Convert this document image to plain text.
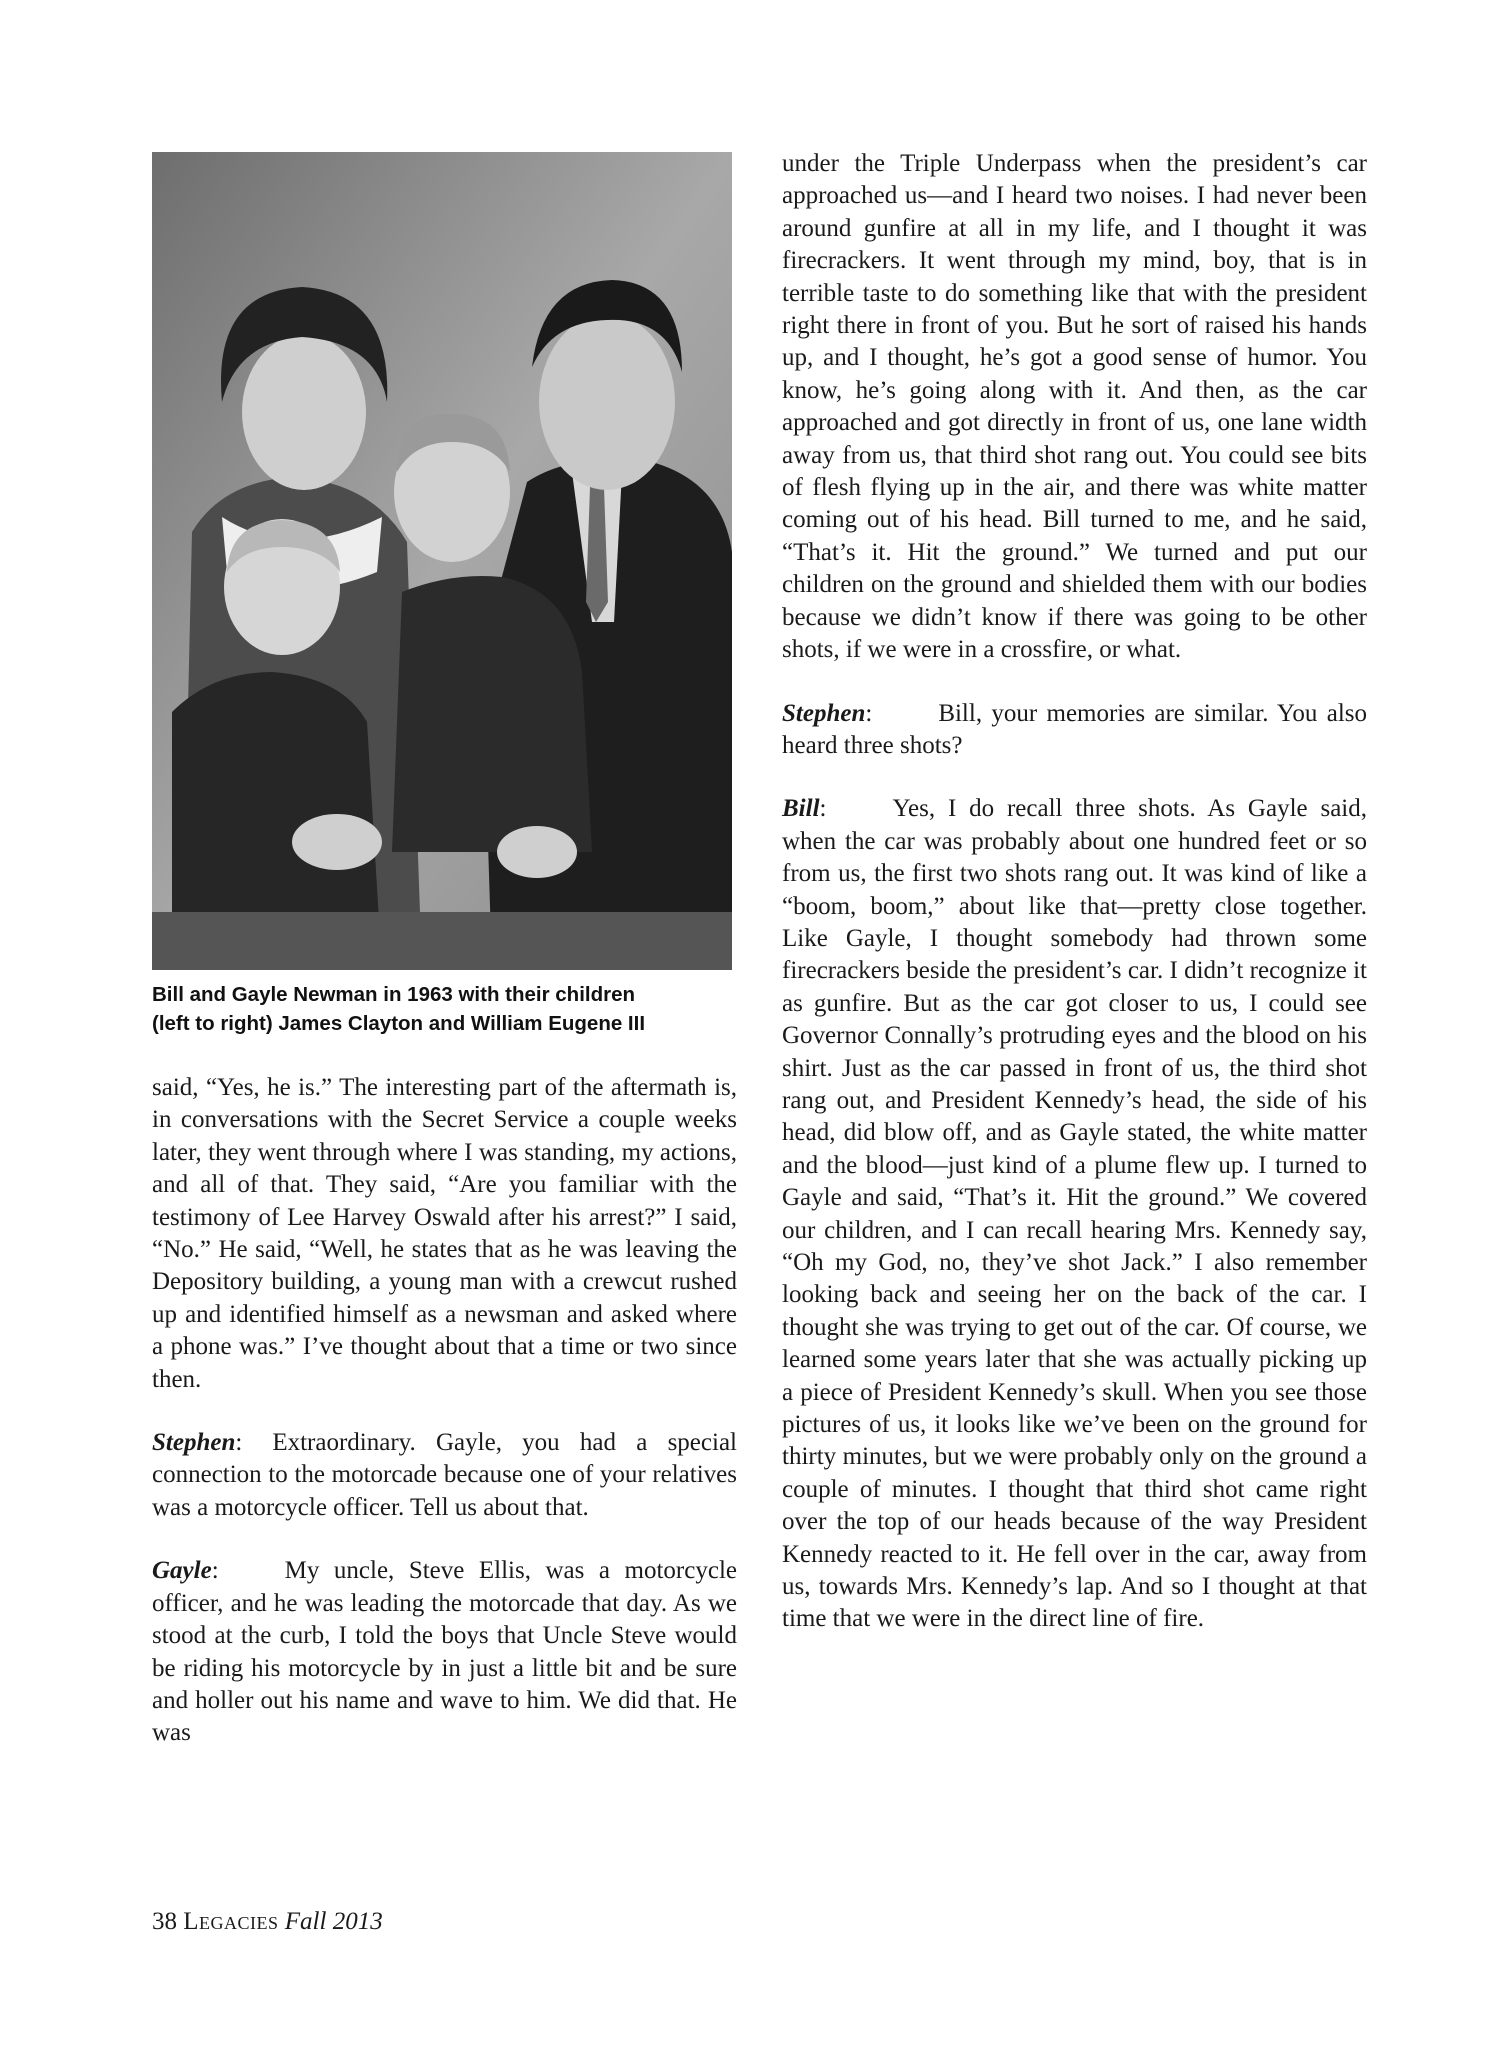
Bill and Gayle Newman in 1963 with their children
(left to right) James Clayton and William Eugene III

said, “Yes, he is.” The interesting part of the aftermath is, in conversations with the Secret Service a couple weeks later, they went through where I was standing, my actions, and all of that. They said, “Are you familiar with the testimony of Lee Harvey Oswald after his arrest?” I said, “No.” He said, “Well, he states that as he was leaving the Depository building, a young man with a crewcut rushed up and identified himself as a newsman and asked where a phone was.” I’ve thought about that a time or two since then.

Stephen: Extraordinary. Gayle, you had a special connection to the motorcade because one of your relatives was a motorcycle officer. Tell us about that.

Gayle:	My uncle, Steve Ellis, was a motorcycle officer, and he was leading the motorcade that day. As we stood at the curb, I told the boys that Uncle Steve would be riding his motorcycle by in just a little bit and be sure and holler out his name and wave to him. We did that. He was

under the Triple Underpass when the president’s car approached us—and I heard two noises. I had never been around gunfire at all in my life, and I thought it was firecrackers. It went through my mind, boy, that is in terrible taste to do something like that with the president right there in front of you. But he sort of raised his hands up, and I thought, he’s got a good sense of humor. You know, he’s going along with it. And then, as the car approached and got directly in front of us, one lane width away from us, that third shot rang out. You could see bits of flesh flying up in the air, and there was white matter coming out of his head. Bill turned to me, and he said, “That’s it. Hit the ground.” We turned and put our children on the ground and shielded them with our bodies because we didn’t know if there was going to be other shots, if we were in a crossfire, or what.

Stephen:	Bill, your memories are similar. You also heard three shots?

Bill:	Yes, I do recall three shots. As Gayle said, when the car was probably about one hundred feet or so from us, the first two shots rang out. It was kind of like a “boom, boom,” about like that—pretty close together. Like Gayle, I thought somebody had thrown some firecrackers beside the president’s car. I didn’t recognize it as gunfire. But as the car got closer to us, I could see Governor Connally’s protruding eyes and the blood on his shirt. Just as the car passed in front of us, the third shot rang out, and President Kennedy’s head, the side of his head, did blow off, and as Gayle stated, the white matter and the blood—just kind of a plume flew up. I turned to Gayle and said, “That’s it. Hit the ground.” We covered our children, and I can recall hearing Mrs. Kennedy say, “Oh my God, no, they’ve shot Jack.” I also remember looking back and seeing her on the back of the car. I thought she was trying to get out of the car. Of course, we learned some years later that she was actually picking up a piece of President Kennedy’s skull. When you see those pictures of us, it looks like we’ve been on the ground for thirty minutes, but we were probably only on the ground a couple of minutes. I thought that third shot came right over the top of our heads because of the way President Kennedy reacted to it. He fell over in the car, away from us, towards Mrs. Kennedy’s lap. And so I thought at that time that we were in the direct line of fire.

38 Legacies Fall 2013
